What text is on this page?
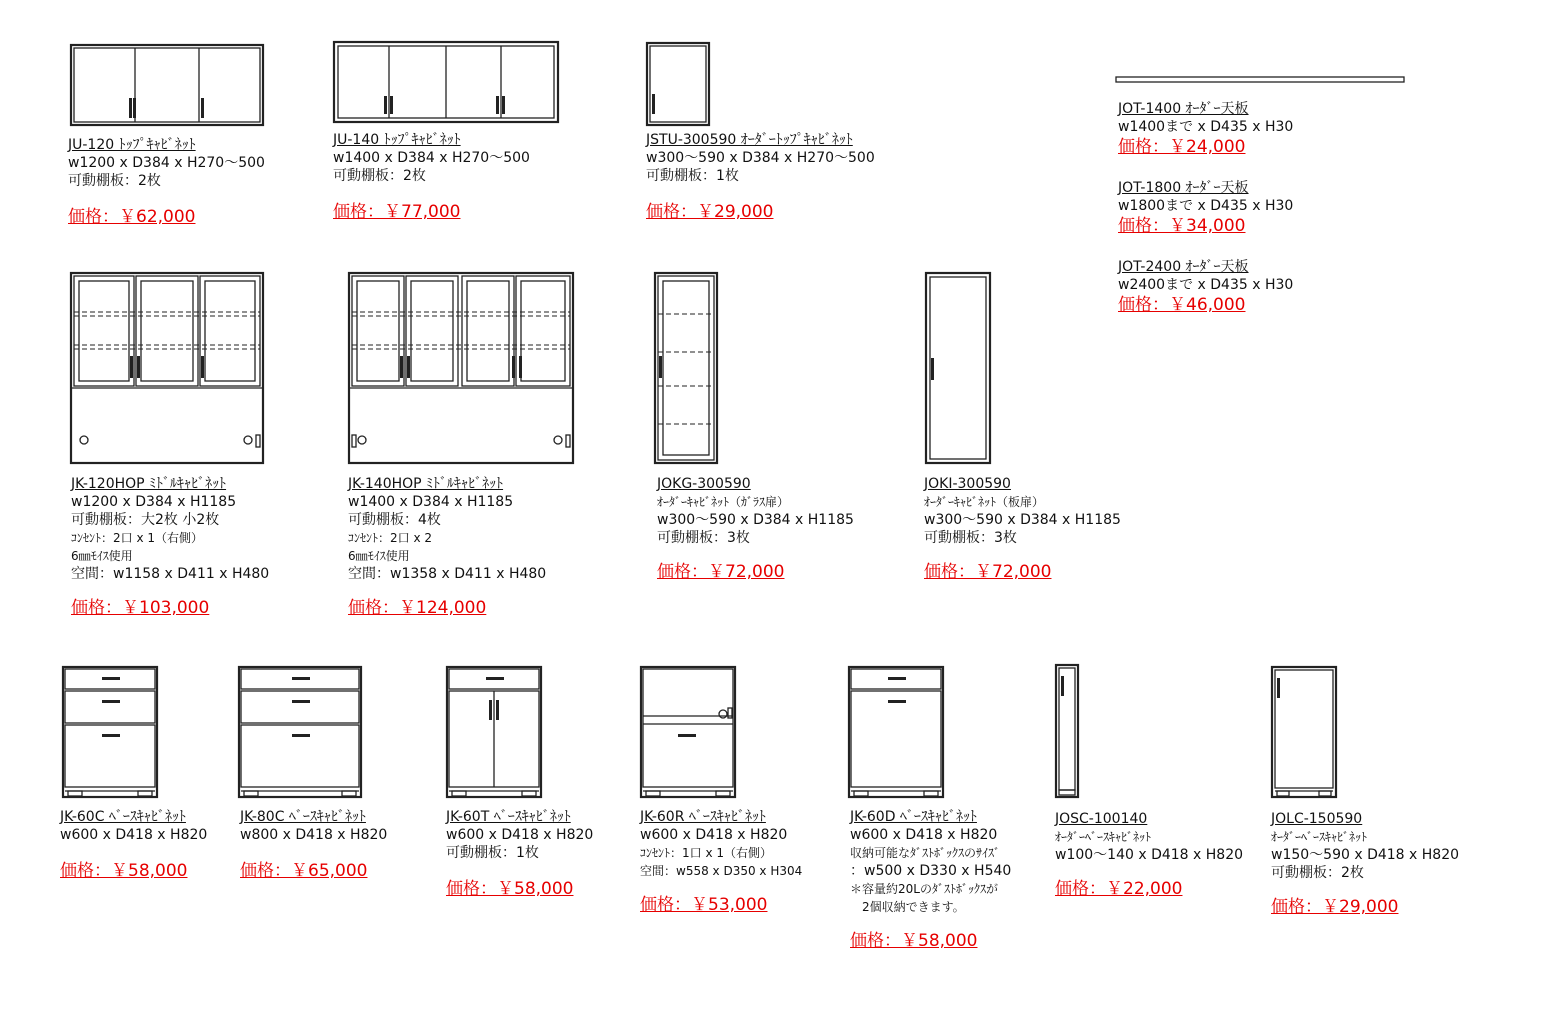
JU-120 ﾄｯﾌﾟｷｬﾋﾞﾈｯﾄ
w1200 x D384 x H270～500
可動棚板：2枚
価格：￥62,000
JU-140 ﾄｯﾌﾟｷｬﾋﾞﾈｯﾄ
w1400 x D384 x H270～500
可動棚板：2枚
価格：￥77,000
JSTU-300590 ｵｰﾀﾞｰﾄｯﾌﾟｷｬﾋﾞﾈｯﾄ
w300～590 x D384 x H270～500
可動棚板：1枚
価格：￥29,000
JOT-1400 ｵｰﾀﾞｰ天板
w1400まで x D435 x H30
価格：￥24,000
JOT-1800 ｵｰﾀﾞｰ天板
w1800まで x D435 x H30
価格：￥34,000
JOT-2400 ｵｰﾀﾞｰ天板
w2400まで x D435 x H30
価格：￥46,000
JK-120HOP ﾐﾄﾞﾙｷｬﾋﾞﾈｯﾄ
w1200 x D384 x H1185
可動棚板：大2枚 小2枚
ｺﾝｾﾝﾄ：2口 x 1（右側）
6㎜ﾓｲｽ使用
空間：w1158 x D411 x H480
価格：￥103,000
JK-140HOP ﾐﾄﾞﾙｷｬﾋﾞﾈｯﾄ
w1400 x D384 x H1185
可動棚板：4枚
ｺﾝｾﾝﾄ：2口 x 2
6㎜ﾓｲｽ使用
空間：w1358 x D411 x H480
価格：￥124,000
JOKG-300590
ｵｰﾀﾞｰｷｬﾋﾞﾈｯﾄ（ｶﾞﾗｽ扉）
w300～590 x D384 x H1185
可動棚板：3枚
価格：￥72,000
JOKI-300590
ｵｰﾀﾞｰｷｬﾋﾞﾈｯﾄ（板扉）
w300～590 x D384 x H1185
可動棚板：3枚
価格：￥72,000
JK-60C ﾍﾞｰｽｷｬﾋﾞﾈｯﾄ
w600 x D418 x H820
価格：￥58,000
JK-80C ﾍﾞｰｽｷｬﾋﾞﾈｯﾄ
w800 x D418 x H820
価格：￥65,000
JK-60T ﾍﾞｰｽｷｬﾋﾞﾈｯﾄ
w600 x D418 x H820
可動棚板：1枚
価格：￥58,000
JK-60R ﾍﾞｰｽｷｬﾋﾞﾈｯﾄ
w600 x D418 x H820
ｺﾝｾﾝﾄ：1口 x 1（右側）
空間：w558 x D350 x H304
価格：￥53,000
JK-60D ﾍﾞｰｽｷｬﾋﾞﾈｯﾄ
w600 x D418 x H820
収納可能なﾀﾞｽﾄﾎﾞｯｸｽのｻｲｽﾞ
：w500 x D330 x H540
＊容量約20Lのﾀﾞｽﾄﾎﾞｯｸｽが
　2個収納できます。
価格：￥58,000
JOSC-100140
ｵｰﾀﾞｰﾍﾞｰｽｷｬﾋﾞﾈｯﾄ
w100～140 x D418 x H820
価格：￥22,000
JOLC-150590
ｵｰﾀﾞｰﾍﾞｰｽｷｬﾋﾞﾈｯﾄ
w150～590 x D418 x H820
可動棚板：2枚
価格：￥29,000
